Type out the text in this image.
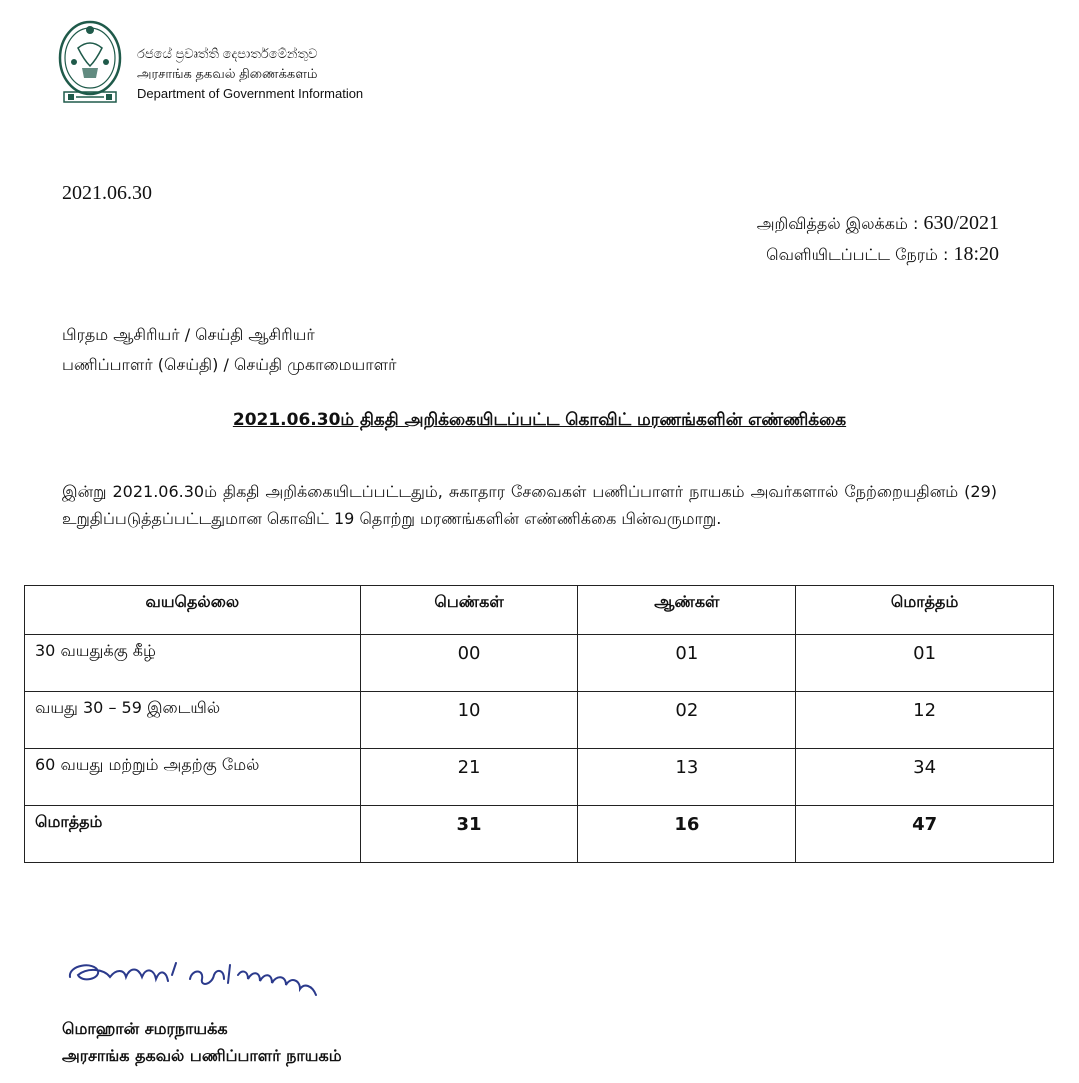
රජයේ ප්‍රවෘත්ති දෙපාර්තමේන්තුව
அரசாங்க தகவல் திணைக்களம்
Department of Government Information
2021.06.30
அறிவித்தல் இலக்கம் : 630/2021
வெளியிடப்பட்ட நேரம் : 18:20
பிரதம ஆசிரியர் / செய்தி ஆசிரியர்
பணிப்பாளர் (செய்தி) / செய்தி முகாமையாளர்
2021.06.30ம் திகதி அறிக்கையிடப்பட்ட கொவிட் மரணங்களின் எண்ணிக்கை
இன்று 2021.06.30ம் திகதி அறிக்கையிடப்பட்டதும், சுகாதார சேவைகள் பணிப்பாளர் நாயகம் அவர்களால் நேற்றையதினம் (29) உறுதிப்படுத்தப்பட்டதுமான கொவிட் 19 தொற்று மரணங்களின் எண்ணிக்கை பின்வருமாறு.
வயதெல்லை	பெண்கள்	ஆண்கள்	மொத்தம்
30 வயதுக்கு கீழ்	00	01	01
வயது 30 – 59 இடையில்	10	02	12
60 வயது மற்றும் அதற்கு மேல்	21	13	34
மொத்தம்	31	16	47
மொஹான் சமரநாயக்க
அரசாங்க தகவல் பணிப்பாளர் நாயகம்
